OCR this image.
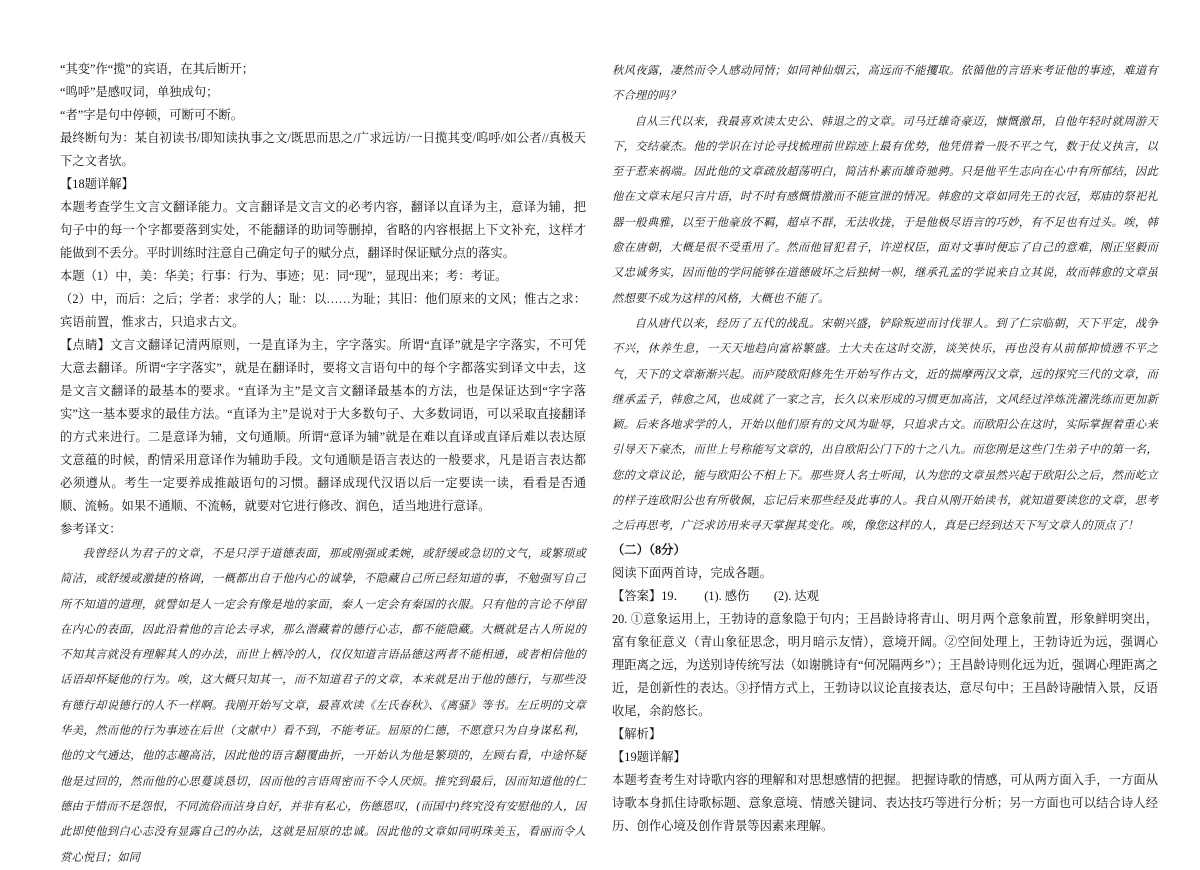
“其变”作“揽”的宾语，在其后断开；

“鸣呼”是感叹词，单独成句；

“者”字是句中停顿，可断可不断。

最终断句为：某自初读书/即知读执事之文/既思而思之/广求远访/一日揽其变/呜呼/如公者//真极天下之文者欤。

【18题详解】

本题考查学生文言文翻译能力。文言翻译是文言文的必考内容，翻译以直译为主，意译为辅，把句子中的每一个字都要落到实处，不能翻译的助词等删掉，省略的内容根据上下文补充，这样才能做到不丢分。平时训练时注意自己确定句子的赋分点，翻译时保证赋分点的落实。

本题（1）中，美：华美；行事：行为、事迹；见：同“现”，显现出来；考：考证。

（2）中，而后：之后；学者：求学的人；耻：以……为耻；其旧：他们原来的文风；惟古之求：宾语前置，惟求古，只追求古文。

【点睛】文言文翻译记清两原则，一是直译为主，字字落实。所谓“直译”就是字字落实，不可凭大意去翻译。所谓“字字落实”，就是在翻译时，要将文言语句中的每个字都落实到译文中去，这是文言文翻译的最基本的要求。“直译为主”是文言文翻译最基本的方法，也是保证达到“字字落实”这一基本要求的最佳方法。“直译为主”是说对于大多数句子、大多数词语，可以采取直接翻译的方式来进行。二是意译为辅，文句通顺。所谓“意译为辅”就是在难以直译或直译后难以表达原文意蕴的时候，酌情采用意译作为辅助手段。文句通顺是语言表达的一般要求，凡是语言表达都必须遵从。考生一定要养成推敲语句的习惯。翻译成现代汉语以后一定要读一读，看看是否通顺、流畅。如果不通顺、不流畅，就要对它进行修改、润色，适当地进行意译。

参考译文：

我曾经认为君子的文章，不是只浮于道德表面，那或刚强或柔婉，或舒缓或急切的文气，或繁琐或简洁，或舒缓或激捷的格调，一概都出自于他内心的诚挚，不隐藏自己所已经知道的事，不勉强写自己所不知道的道理，就譬如是人一定会有像是地的家面，秦人一定会有秦国的衣服。只有他的言论不停留在内心的表面，因此沿着他的言论去寻求，那么潜藏着的德行心志，都不能隐藏。大概就是古人所说的不知其言就没有理解其人的办法，而世上栖冷的人，仅仅知道言语品德这两者不能相通，或者相信他的话语却怀疑他的行为。唉，这大概只知其一，而不知道君子的文章，本来就是出于他的德行，与那些没有德行却说德行的人不一样啊。我刚开始写文章，最喜欢读《左氏春秋》、《离骚》等书。左丘明的文章华美，然而他的行为事迹在后世（文献中）看不到，不能考证。屈原的仁德，不愿意只为自身谋私利，他的文气通达，他的志趣高洁，因此他的语言翻覆曲折，一开始认为他是繁琐的，左顾右看，中途怀疑他是过回的，然而他的心思蔓谈恳切，因而他的言语周密而不令人厌烦。推究到最后，因而知道他的仁德由于惜而不是怨恨，不同流俗而洁身自好，并非有私心，伤德恩叹，(而国中)终究没有安慰他的人，因此即使他到白心志没有显露自己的办法，这就是屈原的忠诚。因此他的文章如同明珠美玉，看丽而令人赏心悦目；如同

秋风夜露，凄然而令人感动同情；如同神仙烟云，高远而不能攫取。依循他的言语来考证他的事迹，难道有不合理的吗？

自从三代以来，我最喜欢读太史公、韩退之的文章。司马迁雄奇豪迈，慷慨激昂，自他年轻时就周游天下，交结豪杰。他的学识在讨论寻找梳理前世踪迹上最有优势，他凭借着一股不平之气，数于仗义执言，以至于惹来祸端。因此他的文章疏放超荡明白，简洁朴素而雄奇驰骋。只是他平生志向在心中有所郁结，因此他在文章末尾只言片语，时不时有感慨惜激而不能宣泄的情况。韩愈的文章如同先王的衣冠，郑庙的祭祀礼器一般典雅，以至于他豪放不羁，超卓不群，无法收拢，于是他极尽语言的巧妙，有不足也有过头。唉，韩愈在唐朝，大概是很不受重用了。然而他冒犯君子，许逆权臣，面对文事时便忘了自己的意难，刚正坚毅而又忠诚务实，因而他的学问能够在道德破坏之后独树一帜，继承孔孟的学说来自立其说，故而韩愈的文章虽然想要不成为这样的风格，大概也不能了。

自从唐代以来，经历了五代的战乱。宋朝兴盛，铲除叛逆而讨伐罪人。到了仁宗临朝，天下平定，战争不兴，休养生息，一天天地趋向富裕繁盛。士大夫在这时交游，谈笑快乐，再也没有从前郁抑愤懑不平之气，天下的文章渐渐兴起。而庐陵欧阳修先生开始写作古文，近的揣摩两汉文章，远的探究三代的文章，而继承孟子，韩愈之风，也成就了一家之言，长久以来形成的习惯更加高洁，文风经过淬炼洗濯洗练而更加新颖。后来各地求学的人，开始以他们原有的文风为耻辱，只追求古文。而欧阳公在这时，实际掌握着重心来引导天下豪杰，而世上号称能写文章的，出自欧阳公门下的十之八九。而您刚是这些门生弟子中的第一名，您的文章议论，能与欧阳公不相上下。那些贤人名士听闻，认为您的文章虽然兴起于欧阳公之后，然而屹立的样子连欧阳公也有所敬佩，忘记后来那些经及此事的人。我自从刚开始读书，就知道要读您的文章，思考之后再思考，广泛求访用来寻天掌握其变化。唉，像您这样的人，真是已经到达天下写文章人的顶点了！

（二）（8分）

阅读下面两首诗，完成各题。

【答案】19．　　(1). 感伤　　(2). 达观

20. ①意象运用上，王勃诗的意象隐于句内；王昌龄诗将青山、明月两个意象前置，形象鲜明突出，富有象征意义（青山象征思念，明月暗示友情），意境开阔。②空间处理上，王勃诗近为远，强调心理距离之远，为送别诗传统写法（如谢朓诗有“何况隔两乡”）；王昌龄诗则化远为近，强调心理距离之近，是创新性的表达。③抒情方式上，王勃诗以议论直接表达，意尽句中；王昌龄诗融情入景，反语收尾，余韵悠长。

【解析】

【19题详解】

本题考查考生对诗歌内容的理解和对思想感情的把握。 把握诗歌的情感，可从两方面入手，一方面从诗歌本身抓住诗歌标题、意象意境、情感关键词、表达技巧等进行分析；另一方面也可以结合诗人经历、创作心境及创作背景等因素来理解。
